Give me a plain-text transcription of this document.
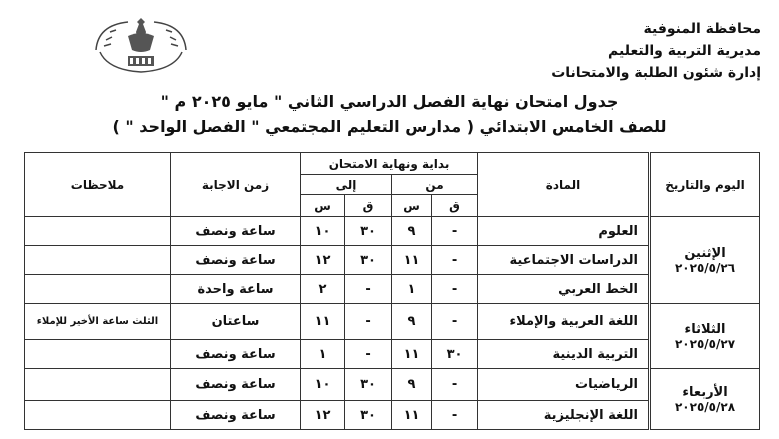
محافظة المنوفية
مديرية التربية والتعليم
إدارة شئون الطلبة والامتحانات
جدول امتحان نهاية الفصل الدراسي الثاني " مايو ٢٠٢٥ م "
للصف الخامس الابتدائي ( مدارس التعليم المجتمعي " الفصل الواحد " )
اليوم والتاريخ	المادة	بداية ونهاية الامتحان				زمن الاجابة	ملاحظات
		من		إلى			
		ق	س	ق	س		

الإثنين
٢٠٢٥/٥/٢٦	العلوم	-	٩	٣٠	١٠	ساعة ونصف	
	الدراسات الاجتماعية	-	١١	٣٠	١٢	ساعة ونصف	
	الخط العربي	-	١	-	٢	ساعة واحدة	

الثلاثاء
٢٠٢٥/٥/٢٧	اللغة العربية والإملاء	-	٩	-	١١	ساعتان	الثلث ساعة الأخير للإملاء
	التربية الدينية	٣٠	١١	-	١	ساعة ونصف	

الأربعاء
٢٠٢٥/٥/٢٨	الرياضيات	-	٩	٣٠	١٠	ساعة ونصف	
	اللغة الإنجليزية	-	١١	٣٠	١٢	ساعة ونصف	
